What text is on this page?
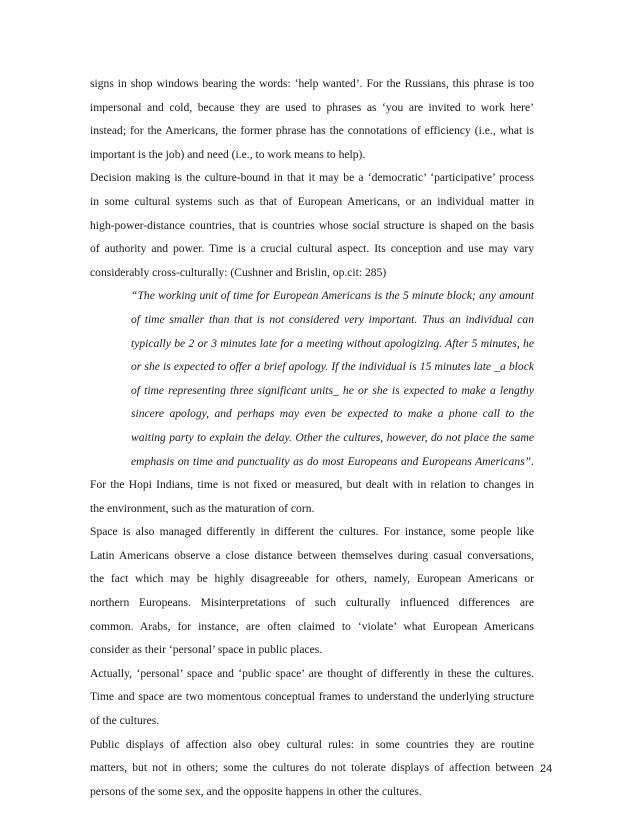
signs in shop windows bearing the words: ‘help wanted’. For the Russians, this phrase is too
impersonal and cold, because they are used to phrases as ‘you are invited to work here’
instead; for the Americans, the former phrase has the connotations of efficiency (i.e., what is
important is the job) and need (i.e., to work means to help).
Decision making is the culture-bound in that it may be a ‘democratic’ ‘participative’ process
in some cultural systems such as that of European Americans, or an individual matter in
high-power-distance countries, that is countries whose social structure is shaped on the basis
of authority and power. Time is a crucial cultural aspect. Its conception and use may vary
considerably cross-culturally: (Cushner and Brislin, op.cit: 285)
“The working unit of time for European Americans is the 5 minute block; any amount
of time smaller than that is not considered very important. Thus an individual can
typically be 2 or 3 minutes late for a meeting without apologizing. After 5 minutes, he
or she is expected to offer a brief apology. If the individual is 15 minutes late _a block
of time representing three significant units_ he or she is expected to make a lengthy
sincere apology, and perhaps may even be expected to make a phone call to the
waiting party to explain the delay. Other the cultures, however, do not place the same
emphasis on time and punctuality as do most Europeans and Europeans Americans”.
For the Hopi Indians, time is not fixed or measured, but dealt with in relation to changes in
the environment, such as the maturation of corn.
Space is also managed differently in different the cultures. For instance, some people like
Latin Americans observe a close distance between themselves during casual conversations,
the fact which may be highly disagreeable for others, namely, European Americans or
northern Europeans. Misinterpretations of such culturally influenced differences are
common. Arabs, for instance, are often claimed to ‘violate’ what European Americans
consider as their ‘personal’ space in public places.
Actually, ‘personal’ space and ‘public space’ are thought of differently in these the cultures.
Time and space are two momentous conceptual frames to understand the underlying structure
of the cultures.
Public displays of affection also obey cultural rules: in some countries they are routine
matters, but not in others; some the cultures do not tolerate displays of affection between
persons of the some sex, and the opposite happens in other the cultures.
24
